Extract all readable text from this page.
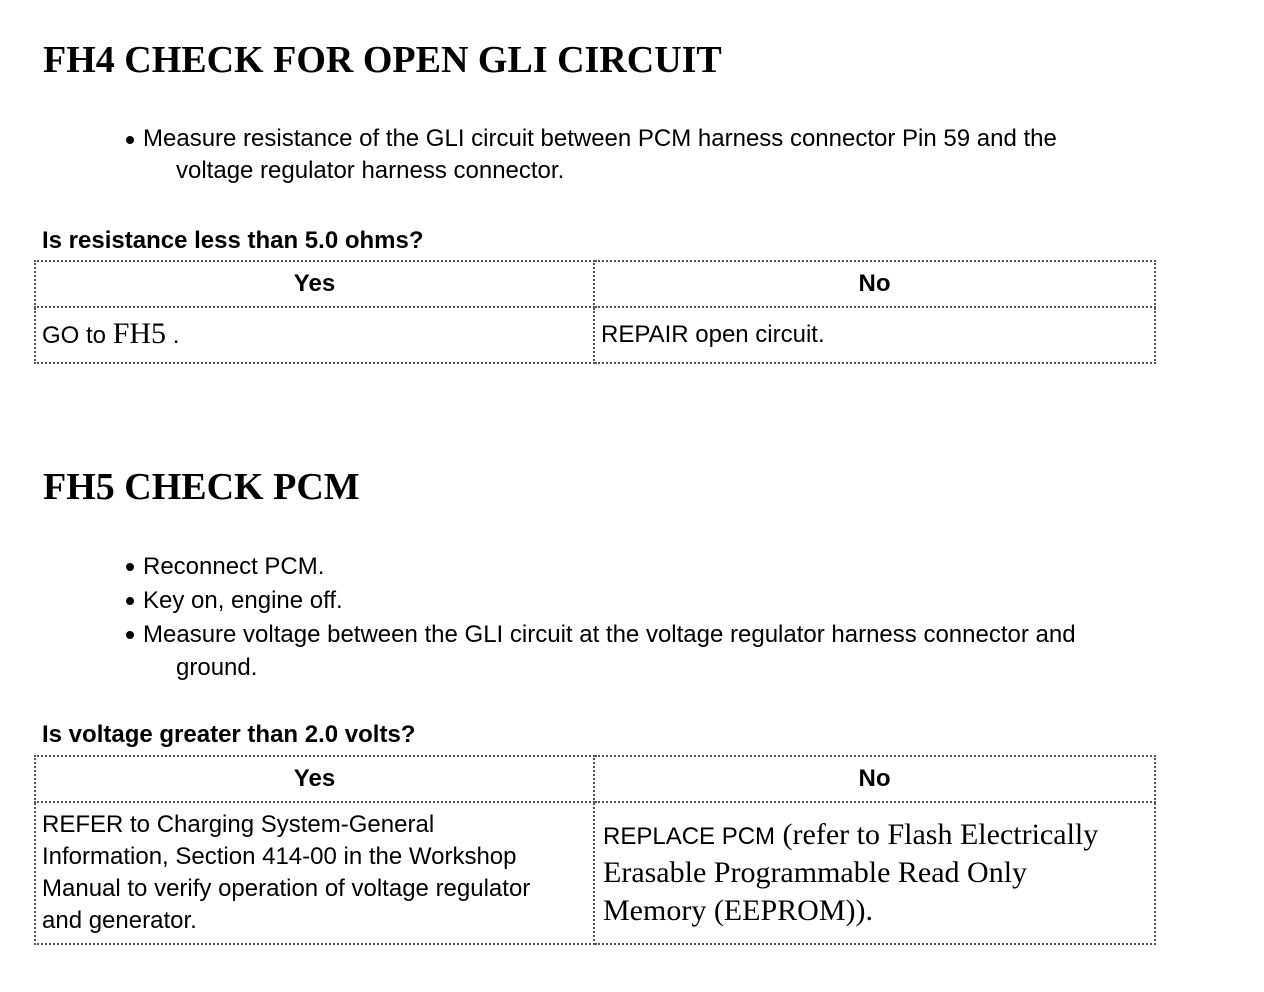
FH4 CHECK FOR OPEN GLI CIRCUIT
Measure resistance of the GLI circuit between PCM harness connector Pin 59 and the
voltage regulator harness connector.

Is resistance less than 5.0 ohms?

Yes	No
GO to FH5 .	REPAIR open circuit.
FH5 CHECK PCM
Reconnect PCM.
Key on, engine off.
Measure voltage between the GLI circuit at the voltage regulator harness connector and
ground.

Is voltage greater than 2.0 volts?

Yes	No
REFER to Charging System-General Information, Section 414-00 in the Workshop Manual to verify operation of voltage regulator and generator.	REPLACE PCM (refer to Flash Electrically Erasable Programmable Read Only Memory (EEPROM)).
